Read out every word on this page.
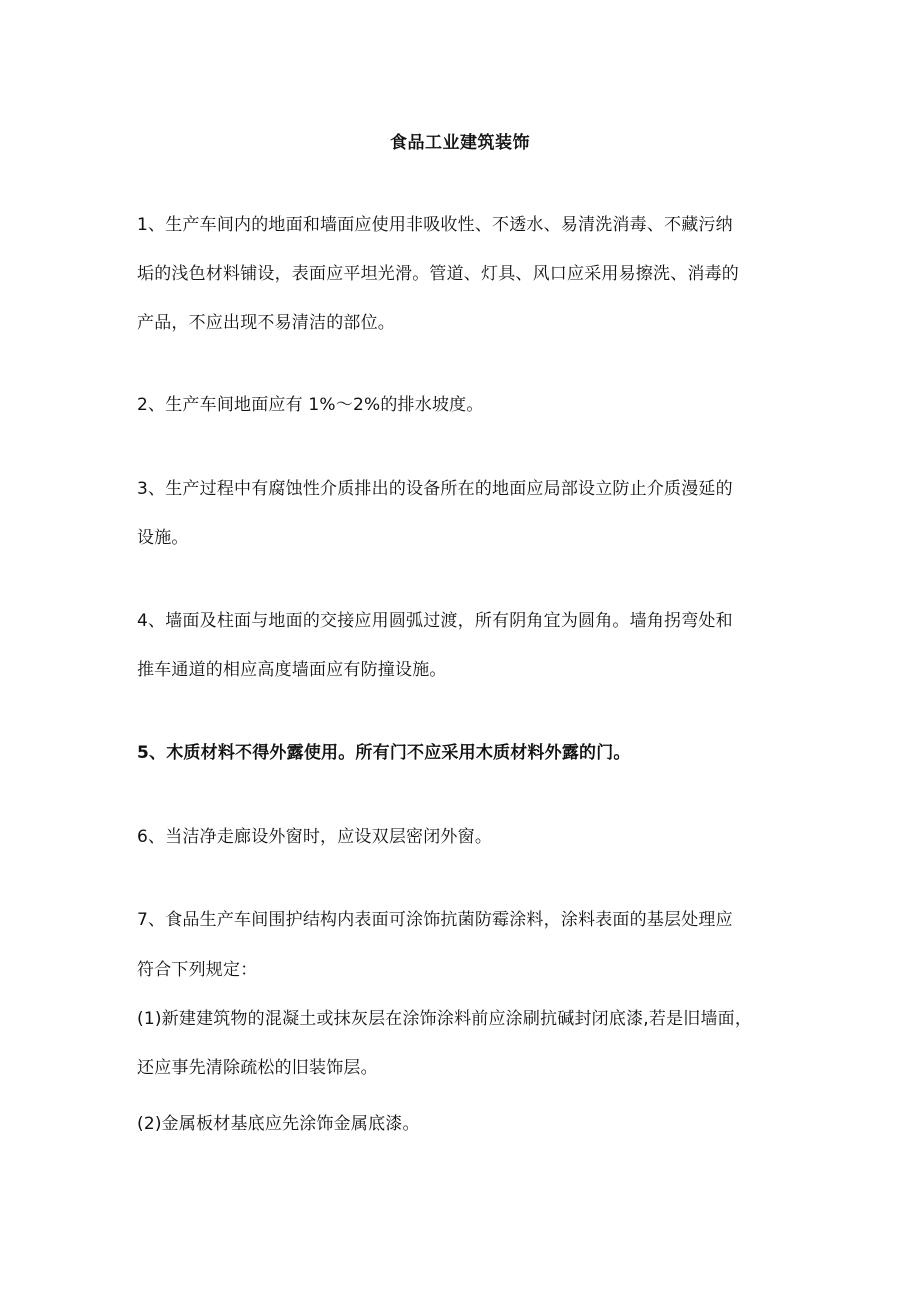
食品工业建筑装饰
1、生产车间内的地面和墙面应使用非吸收性、不透水、易清洗消毒、不藏污纳
垢的浅色材料铺设，表面应平坦光滑。管道、灯具、风口应采用易擦洗、消毒的
产品，不应出现不易清洁的部位。
2、生产车间地面应有 1%～2%的排水坡度。
3、生产过程中有腐蚀性介质排出的设备所在的地面应局部设立防止介质漫延的
设施。
4、墙面及柱面与地面的交接应用圆弧过渡，所有阴角宜为圆角。墙角拐弯处和
推车通道的相应高度墙面应有防撞设施。
5、木质材料不得外露使用。所有门不应采用木质材料外露的门。
6、当洁净走廊设外窗时，应设双层密闭外窗。
7、食品生产车间围护结构内表面可涂饰抗菌防霉涂料，涂料表面的基层处理应
符合下列规定：
(1)新建建筑物的混凝土或抹灰层在涂饰涂料前应涂刷抗碱封闭底漆,若是旧墙面，
还应事先清除疏松的旧装饰层。
(2)金属板材基底应先涂饰金属底漆。
